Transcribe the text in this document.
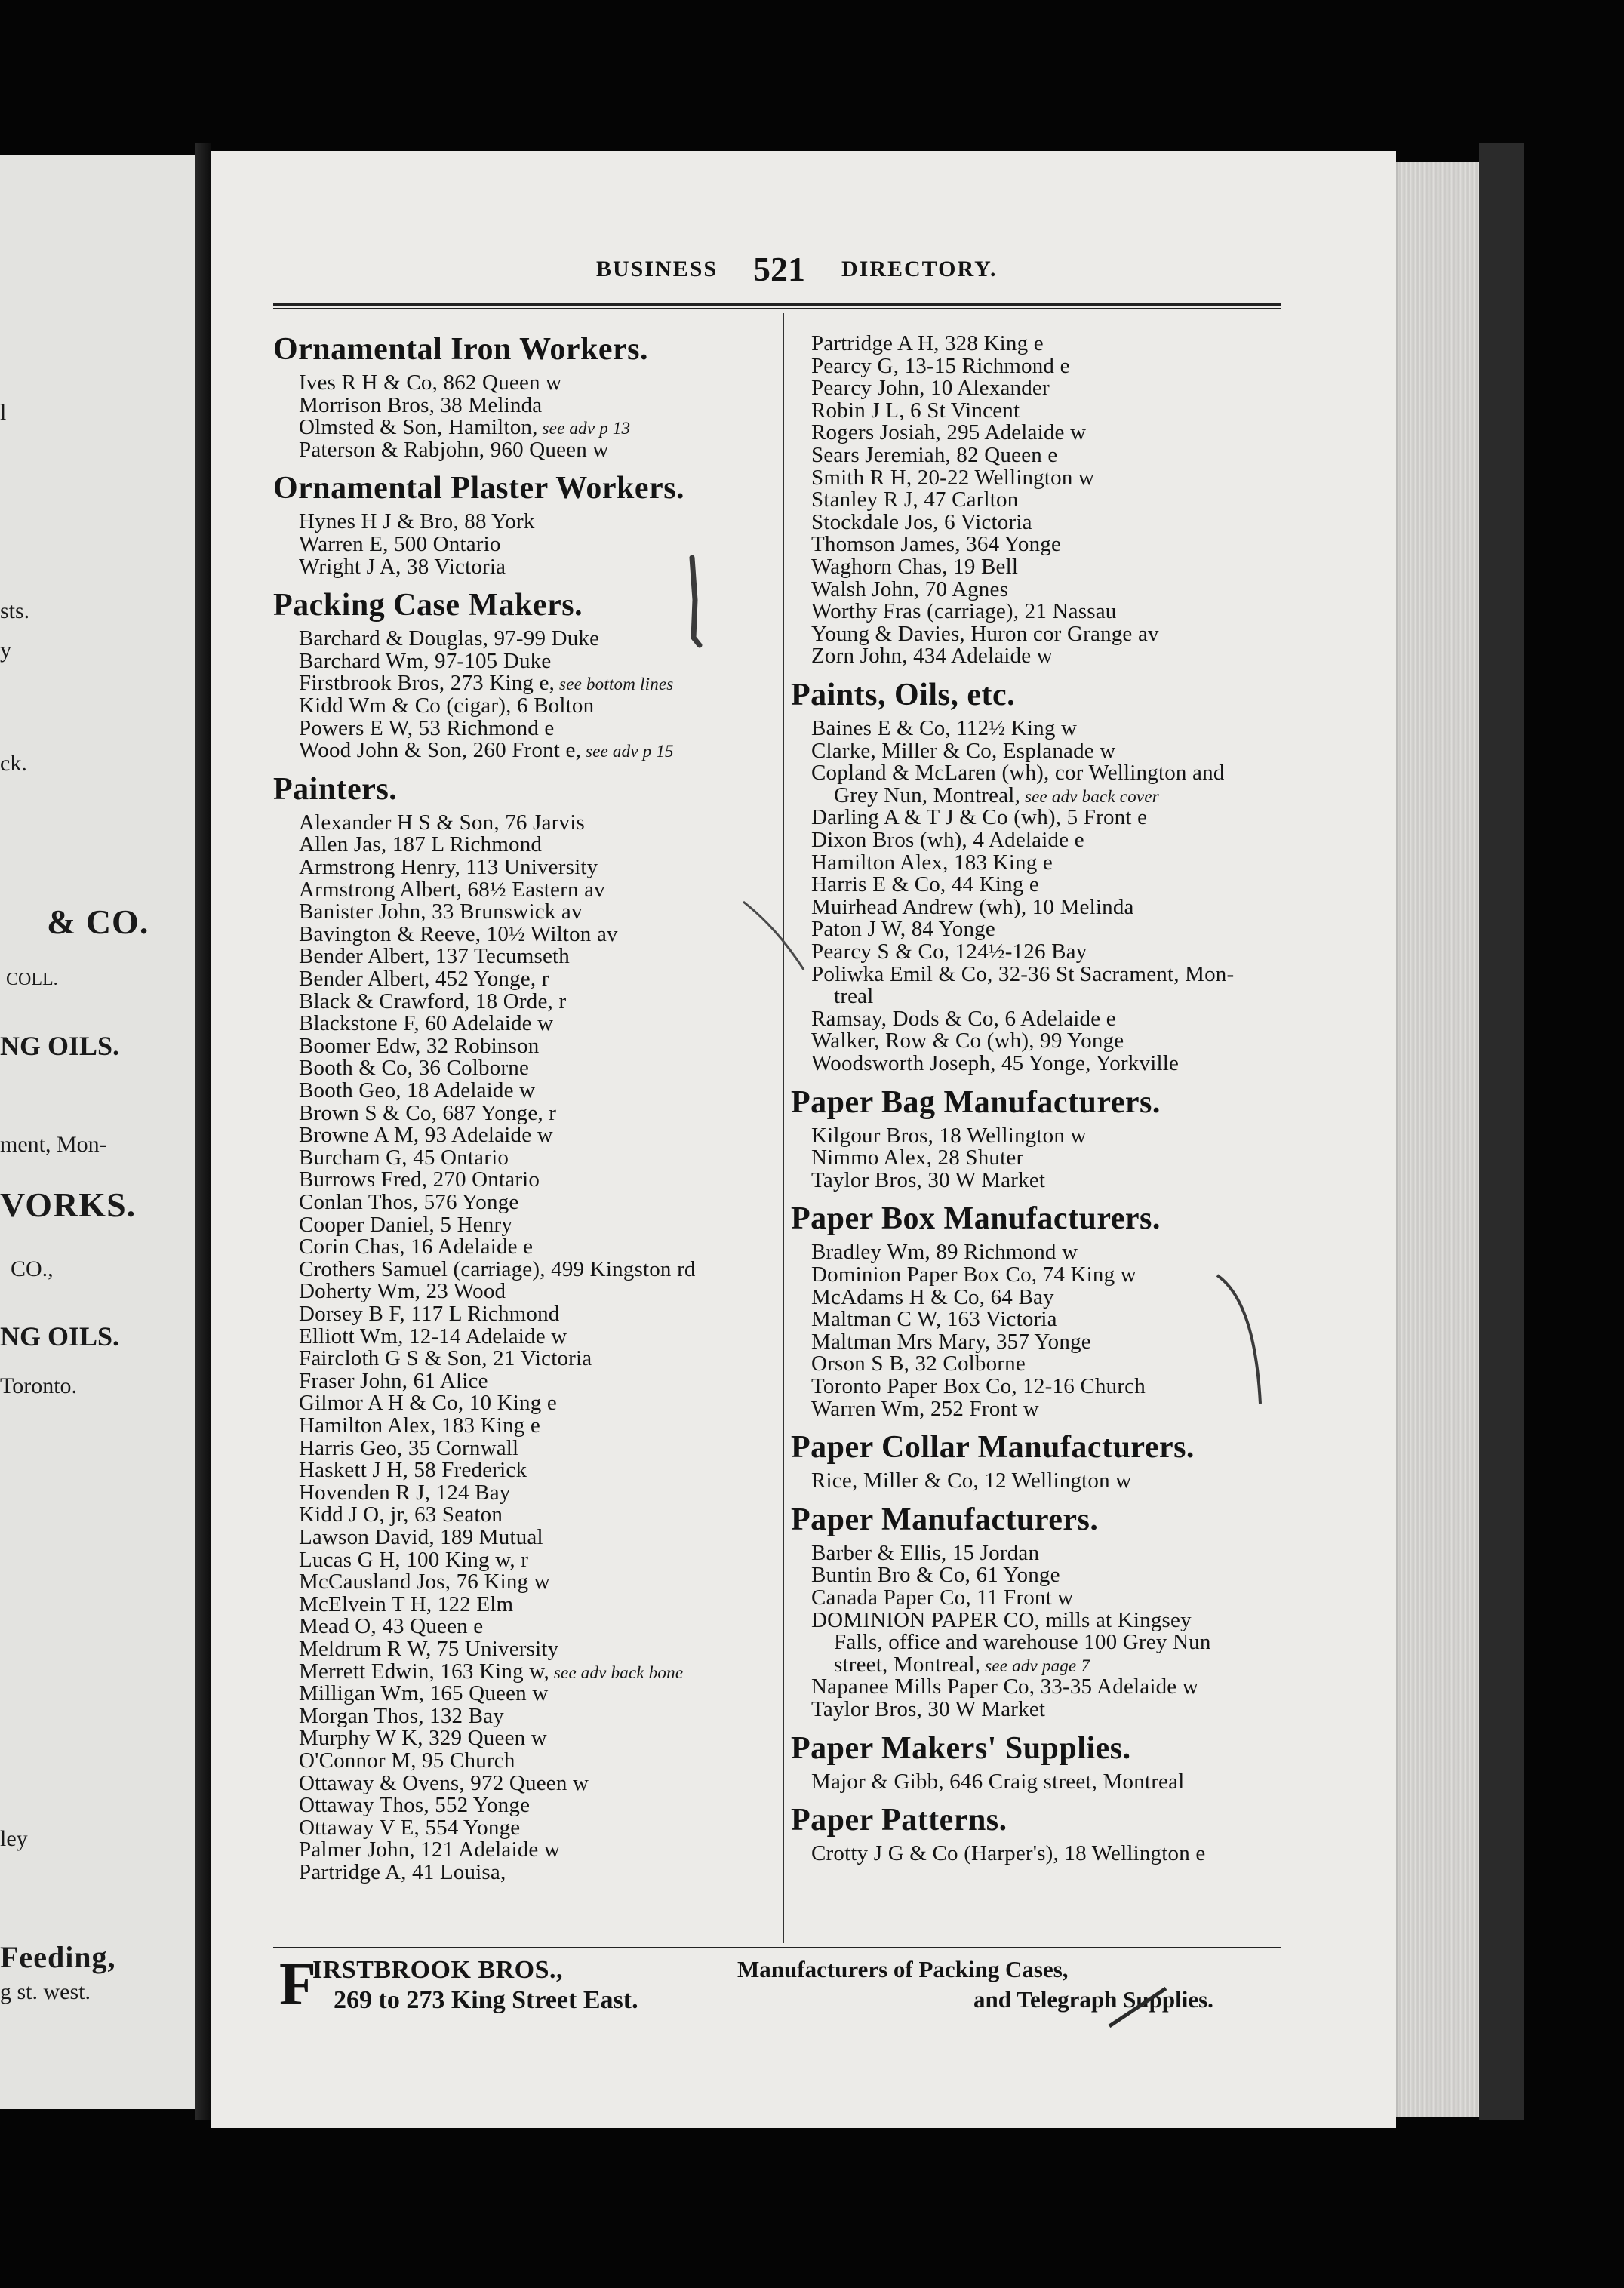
l
sts.
y
ck.
& CO.
COLL.
NG OILS.
ment, Mon-
VORKS.
CO.,
NG OILS.
Toronto.
ley
Feeding,
g st. west.
BUSINESS 521 DIRECTORY.
Ornamental Iron Workers.
Ives R H & Co, 862 Queen w
Morrison Bros, 38 Melinda
Olmsted & Son, Hamilton, see adv p 13
Paterson & Rabjohn, 960 Queen w
Ornamental Plaster Workers.
Hynes H J & Bro, 88 York
Warren E, 500 Ontario
Wright J A, 38 Victoria
Packing Case Makers.
Barchard & Douglas, 97-99 Duke
Barchard Wm, 97-105 Duke
Firstbrook Bros, 273 King e, see bottom lines
Kidd Wm & Co (cigar), 6 Bolton
Powers E W, 53 Richmond e
Wood John & Son, 260 Front e, see adv p 15
Painters.
Alexander H S & Son, 76 Jarvis
Allen Jas, 187 L Richmond
Armstrong Henry, 113 University
Armstrong Albert, 68½ Eastern av
Banister John, 33 Brunswick av
Bavington & Reeve, 10½ Wilton av
Bender Albert, 137 Tecumseth
Bender Albert, 452 Yonge, r
Black & Crawford, 18 Orde, r
Blackstone F, 60 Adelaide w
Boomer Edw, 32 Robinson
Booth & Co, 36 Colborne
Booth Geo, 18 Adelaide w
Brown S & Co, 687 Yonge, r
Browne A M, 93 Adelaide w
Burcham G, 45 Ontario
Burrows Fred, 270 Ontario
Conlan Thos, 576 Yonge
Cooper Daniel, 5 Henry
Corin Chas, 16 Adelaide e
Crothers Samuel (carriage), 499 Kingston rd
Doherty Wm, 23 Wood
Dorsey B F, 117 L Richmond
Elliott Wm, 12-14 Adelaide w
Faircloth G S & Son, 21 Victoria
Fraser John, 61 Alice
Gilmor A H & Co, 10 King e
Hamilton Alex, 183 King e
Harris Geo, 35 Cornwall
Haskett J H, 58 Frederick
Hovenden R J, 124 Bay
Kidd J O, jr, 63 Seaton
Lawson David, 189 Mutual
Lucas G H, 100 King w, r
McCausland Jos, 76 King w
McElvein T H, 122 Elm
Mead O, 43 Queen e
Meldrum R W, 75 University
Merrett Edwin, 163 King w, see adv back bone
Milligan Wm, 165 Queen w
Morgan Thos, 132 Bay
Murphy W K, 329 Queen w
O'Connor M, 95 Church
Ottaway & Ovens, 972 Queen w
Ottaway Thos, 552 Yonge
Ottaway V E, 554 Yonge
Palmer John, 121 Adelaide w
Partridge A, 41 Louisa,
Partridge A H, 328 King e
Pearcy G, 13-15 Richmond e
Pearcy John, 10 Alexander
Robin J L, 6 St Vincent
Rogers Josiah, 295 Adelaide w
Sears Jeremiah, 82 Queen e
Smith R H, 20-22 Wellington w
Stanley R J, 47 Carlton
Stockdale Jos, 6 Victoria
Thomson James, 364 Yonge
Waghorn Chas, 19 Bell
Walsh John, 70 Agnes
Worthy Fras (carriage), 21 Nassau
Young & Davies, Huron cor Grange av
Zorn John, 434 Adelaide w
Paints, Oils, etc.
Baines E & Co, 112½ King w
Clarke, Miller & Co, Esplanade w
Copland & McLaren (wh), cor Wellington and
Grey Nun, Montreal, see adv back cover
Darling A & T J & Co (wh), 5 Front e
Dixon Bros (wh), 4 Adelaide e
Hamilton Alex, 183 King e
Harris E & Co, 44 King e
Muirhead Andrew (wh), 10 Melinda
Paton J W, 84 Yonge
Pearcy S & Co, 124½-126 Bay
Poliwka Emil & Co, 32-36 St Sacrament, Mon-
treal
Ramsay, Dods & Co, 6 Adelaide e
Walker, Row & Co (wh), 99 Yonge
Woodsworth Joseph, 45 Yonge, Yorkville
Paper Bag Manufacturers.
Kilgour Bros, 18 Wellington w
Nimmo Alex, 28 Shuter
Taylor Bros, 30 W Market
Paper Box Manufacturers.
Bradley Wm, 89 Richmond w
Dominion Paper Box Co, 74 King w
McAdams H & Co, 64 Bay
Maltman C W, 163 Victoria
Maltman Mrs Mary, 357 Yonge
Orson S B, 32 Colborne
Toronto Paper Box Co, 12-16 Church
Warren Wm, 252 Front w
Paper Collar Manufacturers.
Rice, Miller & Co, 12 Wellington w
Paper Manufacturers.
Barber & Ellis, 15 Jordan
Buntin Bro & Co, 61 Yonge
Canada Paper Co, 11 Front w
DOMINION PAPER CO, mills at Kingsey
Falls, office and warehouse 100 Grey Nun
street, Montreal, see adv page 7
Napanee Mills Paper Co, 33-35 Adelaide w
Taylor Bros, 30 W Market
Paper Makers' Supplies.
Major & Gibb, 646 Craig street, Montreal
Paper Patterns.
Crotty J G & Co (Harper's), 18 Wellington e
F
IRSTBROOK BROS.,
269 to 273 King Street East.
Manufacturers of Packing Cases,
and Telegraph Supplies.
